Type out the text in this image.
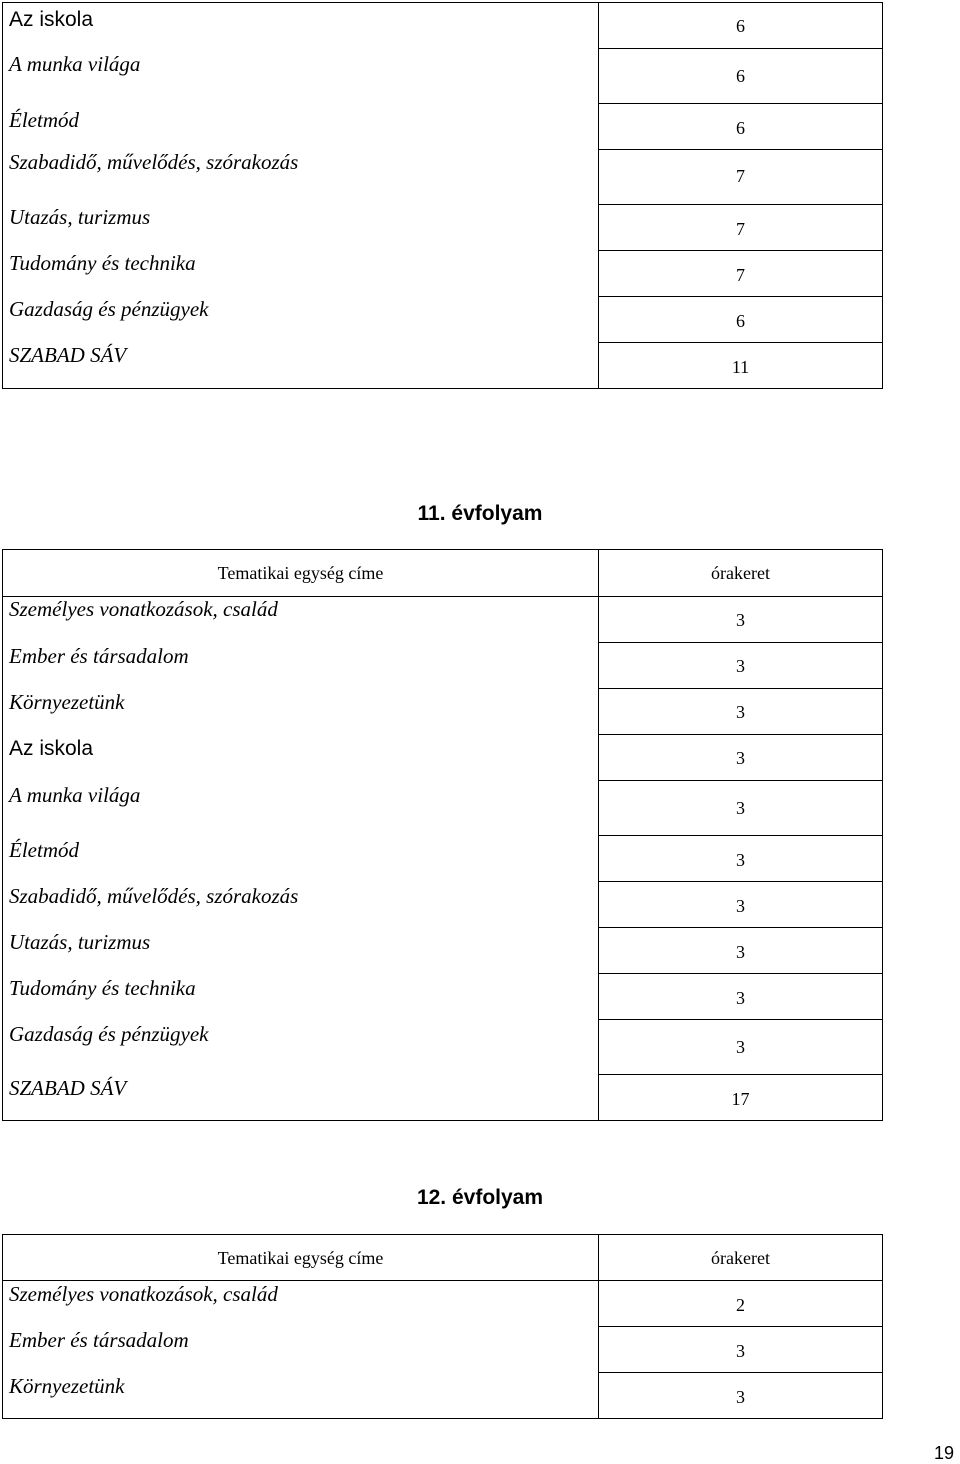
Az iskola	6

A munka világa	6

Életmód	6

Szabadidő, művelődés, szórakozás	7

Utazás, turizmus	7

Tudomány és technika	7

Gazdaság és pénzügyek	6

SZABAD SÁV	11
11. évfolyam
Tematikai egység címe	órakeret

Személyes vonatkozások, család	3

Ember és társadalom	3

Környezetünk	3

Az iskola	3

A munka világa	3

Életmód	3

Szabadidő, művelődés, szórakozás	3

Utazás, turizmus	3

Tudomány és technika	3

Gazdaság és pénzügyek	3

SZABAD SÁV	17
12. évfolyam
Tematikai egység címe	órakeret

Személyes vonatkozások, család	2

Ember és társadalom	3

Környezetünk	3
19
